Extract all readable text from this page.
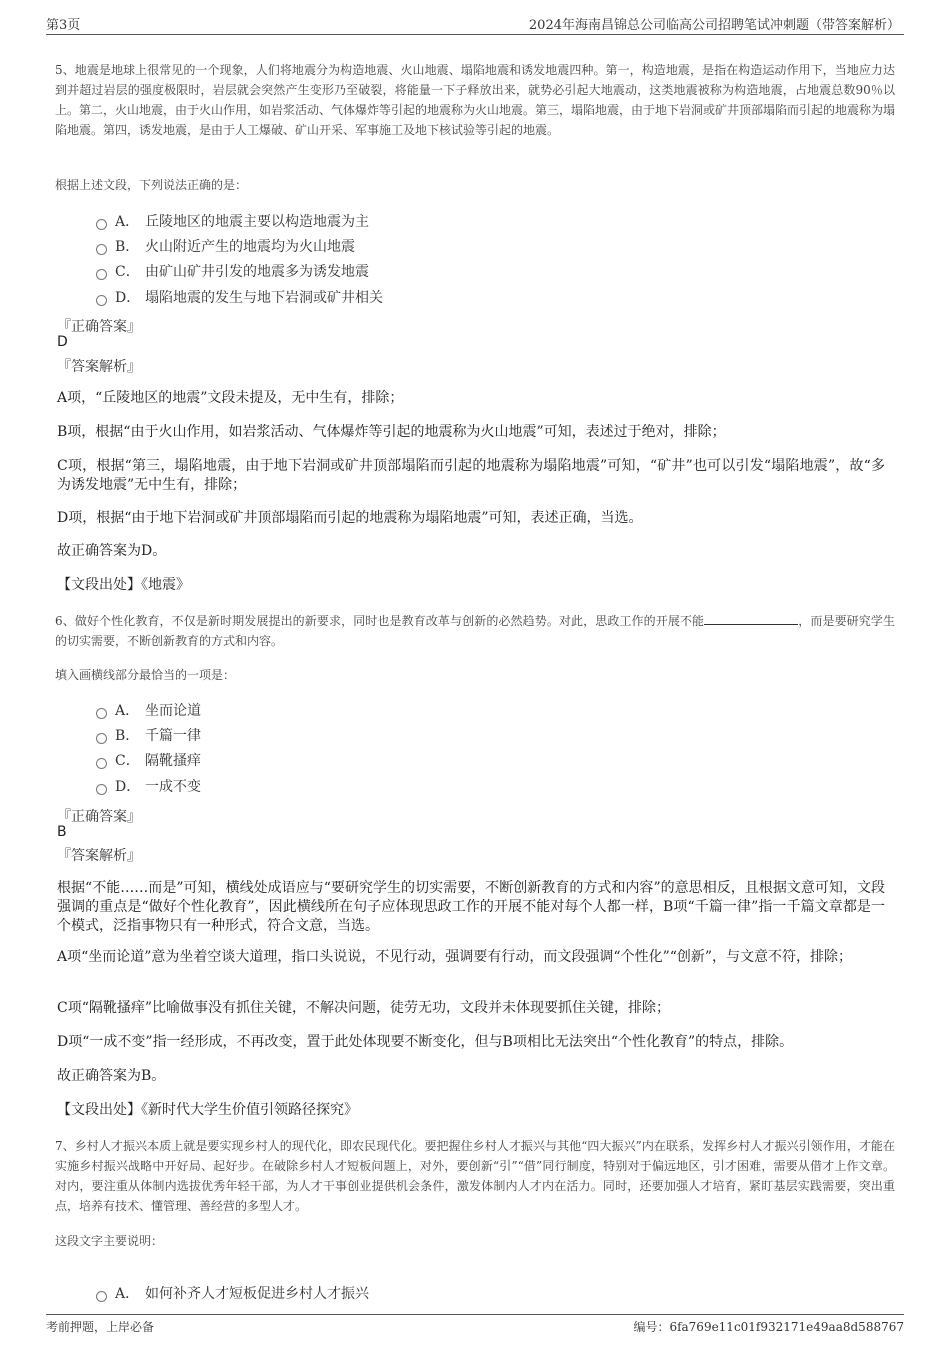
第3页	2024年海南昌锦总公司临高公司招聘笔试冲刺题（带答案解析）
5、地震是地球上很常见的一个现象，人们将地震分为构造地震、火山地震、塌陷地震和诱发地震四种。第一，构造地震，是指在构造运动作用下，当地应力达到并超过岩层的强度极限时，岩层就会突然产生变形乃至破裂，将能量一下子释放出来，就势必引起大地震动，这类地震被称为构造地震，占地震总数90％以上。第二，火山地震，由于火山作用，如岩浆活动、气体爆炸等引起的地震称为火山地震。第三，塌陷地震，由于地下岩洞或矿井顶部塌陷而引起的地震称为塌陷地震。第四，诱发地震，是由于人工爆破、矿山开采、军事施工及地下核试验等引起的地震。
根据上述文段，下列说法正确的是：
A． 丘陵地区的地震主要以构造地震为主
B． 火山附近产生的地震均为火山地震
C． 由矿山矿井引发的地震多为诱发地震
D． 塌陷地震的发生与地下岩洞或矿井相关
『正确答案』
D
『答案解析』
A项，“丘陵地区的地震”文段未提及，无中生有，排除；
B项，根据“由于火山作用，如岩浆活动、气体爆炸等引起的地震称为火山地震”可知，表述过于绝对，排除；
C项，根据“第三，塌陷地震，由于地下岩洞或矿井顶部塌陷而引起的地震称为塌陷地震”可知，“矿井”也可以引发“塌陷地震”，故“多为诱发地震”无中生有，排除；
D项，根据“由于地下岩洞或矿井顶部塌陷而引起的地震称为塌陷地震”可知，表述正确，当选。
故正确答案为D。
【文段出处】《地震》
6、做好个性化教育，不仅是新时期发展提出的新要求，同时也是教育改革与创新的必然趋势。对此，思政工作的开展不能	，而是要研究学生的切实需要，不断创新教育的方式和内容。
填入画横线部分最恰当的一项是：
A． 坐而论道
B． 千篇一律
C． 隔靴搔痒
D． 一成不变
『正确答案』
B
『答案解析』
根据“不能……而是”可知，横线处成语应与“要研究学生的切实需要，不断创新教育的方式和内容”的意思相反，且根据文意可知，文段强调的重点是“做好个性化教育”，因此横线所在句子应体现思政工作的开展不能对每个人都一样，B项“千篇一律”指一千篇文章都是一个模式，泛指事物只有一种形式，符合文意，当选。
A项“坐而论道”意为坐着空谈大道理，指口头说说，不见行动，强调要有行动，而文段强调“个性化”“创新”，与文意不符，排除；
C项“隔靴搔痒”比喻做事没有抓住关键，不解决问题，徒劳无功，文段并未体现要抓住关键，排除；
D项“一成不变”指一经形成，不再改变，置于此处体现要不断变化，但与B项相比无法突出“个性化教育”的特点，排除。
故正确答案为B。
【文段出处】《新时代大学生价值引领路径探究》
7、乡村人才振兴本质上就是要实现乡村人的现代化，即农民现代化。要把握住乡村人才振兴与其他“四大振兴”内在联系，发挥乡村人才振兴引领作用，才能在实施乡村振兴战略中开好局、起好步。在破除乡村人才短板问题上，对外，要创新“引”“借”同行制度，特别对于偏远地区，引才困难，需要从借才上作文章。对内，要注重从体制内选拔优秀年轻干部，为人才干事创业提供机会条件，激发体制内人才内在活力。同时，还要加强人才培育，紧盯基层实践需要，突出重点，培养有技术、懂管理、善经营的多型人才。
这段文字主要说明：
A． 如何补齐人才短板促进乡村人才振兴
考前押题，上岸必备	编号：6fa769e11c01f932171e49aa8d588767
